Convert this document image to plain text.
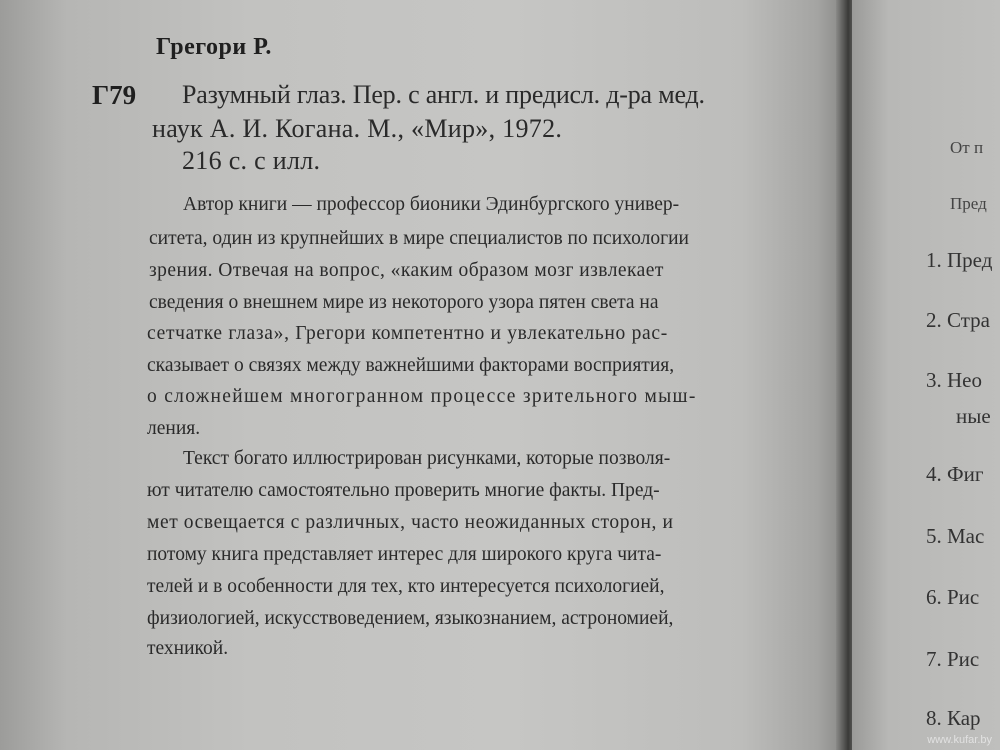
Грегори Р.
Г79 Разумный глаз. Пер. с англ. и предисл. д-ра мед.
наук А. И. Когана. М., «Мир», 1972.
216 с. с илл.
Автор книги — профессор бионики Эдинбургского универ-
ситета, один из крупнейших в мире специалистов по психологии
зрения. Отвечая на вопрос, «каким образом мозг извлекает
сведения о внешнем мире из некоторого узора пятен света на
сетчатке глаза», Грегори компетентно и увлекательно рас-
сказывает о связях между важнейшими факторами восприятия,
о сложнейшем многогранном процессе зрительного мыш-
ления.
Текст богато иллюстрирован рисунками, которые позволя-
ют читателю самостоятельно проверить многие факты. Пред-
мет освещается с различных, часто неожиданных сторон, и
потому книга представляет интерес для широкого круга чита-
телей и в особенности для тех, кто интересуется психологией,
физиологией, искусствоведением, языкознанием, астрономией,
техникой.
От п
Пред
1. Пред
2. Стра
3. Нео
ные
4. Фиг
5. Мас
6. Рис
7. Рис
8. Кар
www.kufar.by
